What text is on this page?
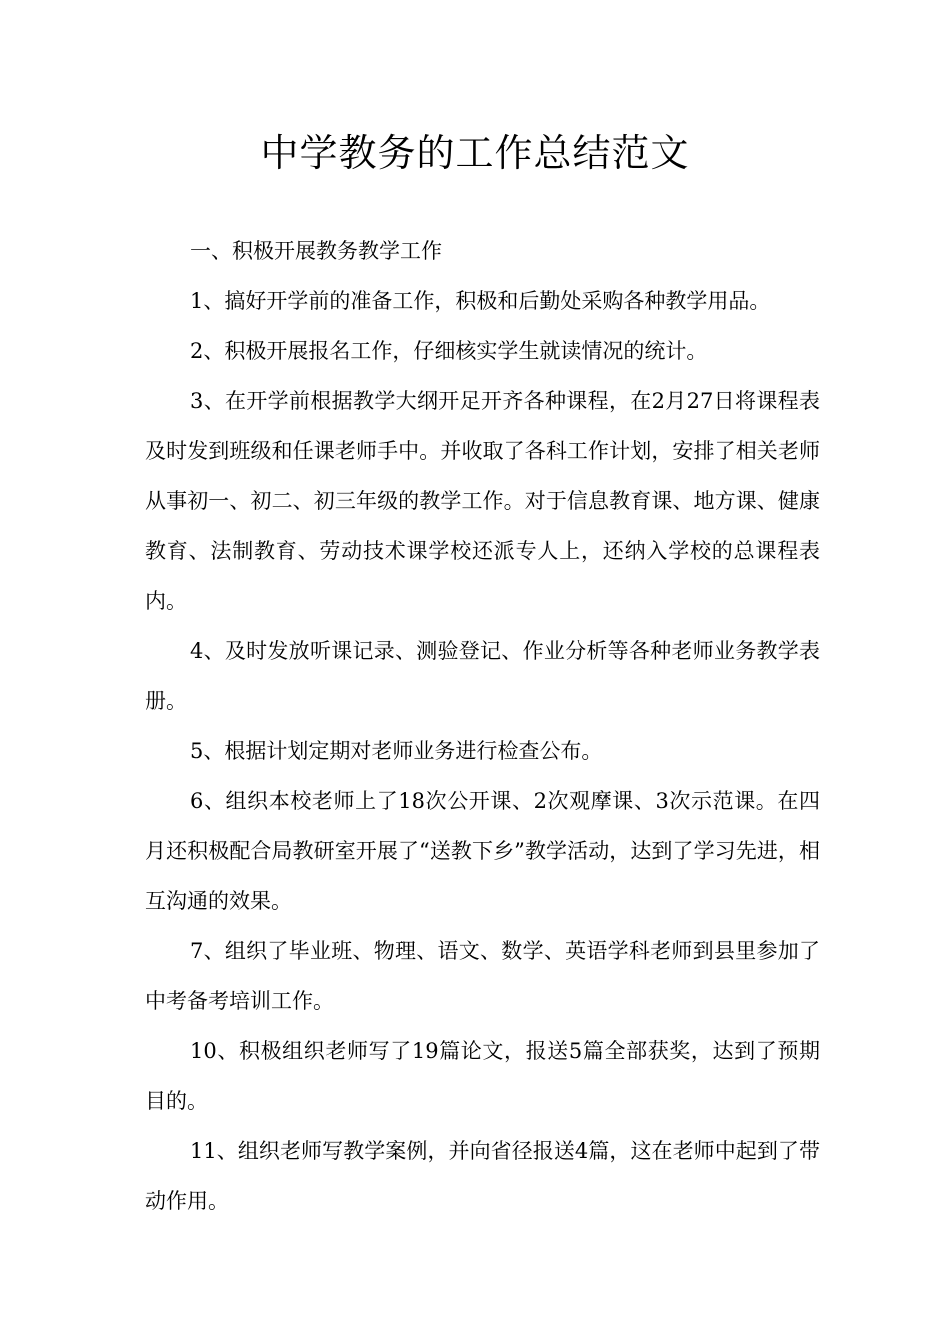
中学教务的工作总结范文

一、积极开展教务教学工作

1、搞好开学前的准备工作，积极和后勤处采购各种教学用品。

2、积极开展报名工作，仔细核实学生就读情况的统计。

3、在开学前根据教学大纲开足开齐各种课程，在2月27日将课程表及时发到班级和任课老师手中。并收取了各科工作计划，安排了相关老师从事初一、初二、初三年级的教学工作。对于信息教育课、地方课、健康教育、法制教育、劳动技术课学校还派专人上，还纳入学校的总课程表内。

4、及时发放听课记录、测验登记、作业分析等各种老师业务教学表册。

5、根据计划定期对老师业务进行检查公布。

6、组织本校老师上了18次公开课、2次观摩课、3次示范课。在四月还积极配合局教研室开展了“送教下乡”教学活动，达到了学习先进，相互沟通的效果。

7、组织了毕业班、物理、语文、数学、英语学科老师到县里参加了中考备考培训工作。

10、积极组织老师写了19篇论文，报送5篇全部获奖，达到了预期目的。

11、组织老师写教学案例，并向省径报送4篇，这在老师中起到了带动作用。
